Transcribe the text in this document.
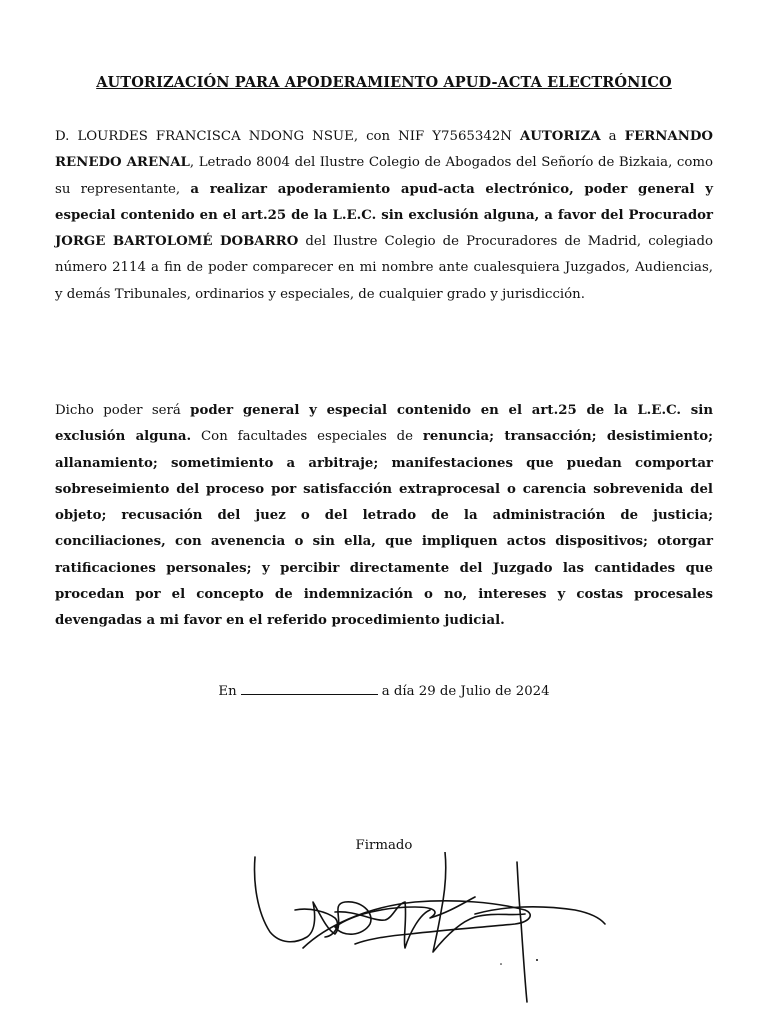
AUTORIZACIÓN PARA APODERAMIENTO APUD-ACTA ELECTRÓNICO
D. LOURDES FRANCISCA NDONG NSUE, con NIF Y7565342N AUTORIZA a FERNANDO RENEDO ARENAL, Letrado 8004 del Ilustre Colegio de Abogados del Señorío de Bizkaia, como su representante, a realizar apoderamiento apud-acta electrónico, poder general y especial contenido en el art.25 de la L.E.C. sin exclusión alguna, a favor del Procurador JORGE BARTOLOMÉ DOBARRO del Ilustre Colegio de Procuradores de Madrid, colegiado número 2114 a fin de poder comparecer en mi nombre ante cualesquiera Juzgados, Audiencias, y demás Tribunales, ordinarios y especiales, de cualquier grado y jurisdicción.
Dicho poder será poder general y especial contenido en el art.25 de la L.E.C. sin exclusión alguna. Con facultades especiales de renuncia; transacción; desistimiento; allanamiento; sometimiento a arbitraje; manifestaciones que puedan comportar sobreseimiento del proceso por satisfacción extraprocesal o carencia sobrevenida del objeto; recusación del juez o del letrado de la administración de justicia; conciliaciones, con avenencia o sin ella, que impliquen actos dispositivos; otorgar ratificaciones personales; y percibir directamente del Juzgado las cantidades que procedan por el concepto de indemnización o no, intereses y costas procesales devengadas a mi favor en el referido procedimiento judicial.
En	a día 29 de Julio de 2024
Firmado
